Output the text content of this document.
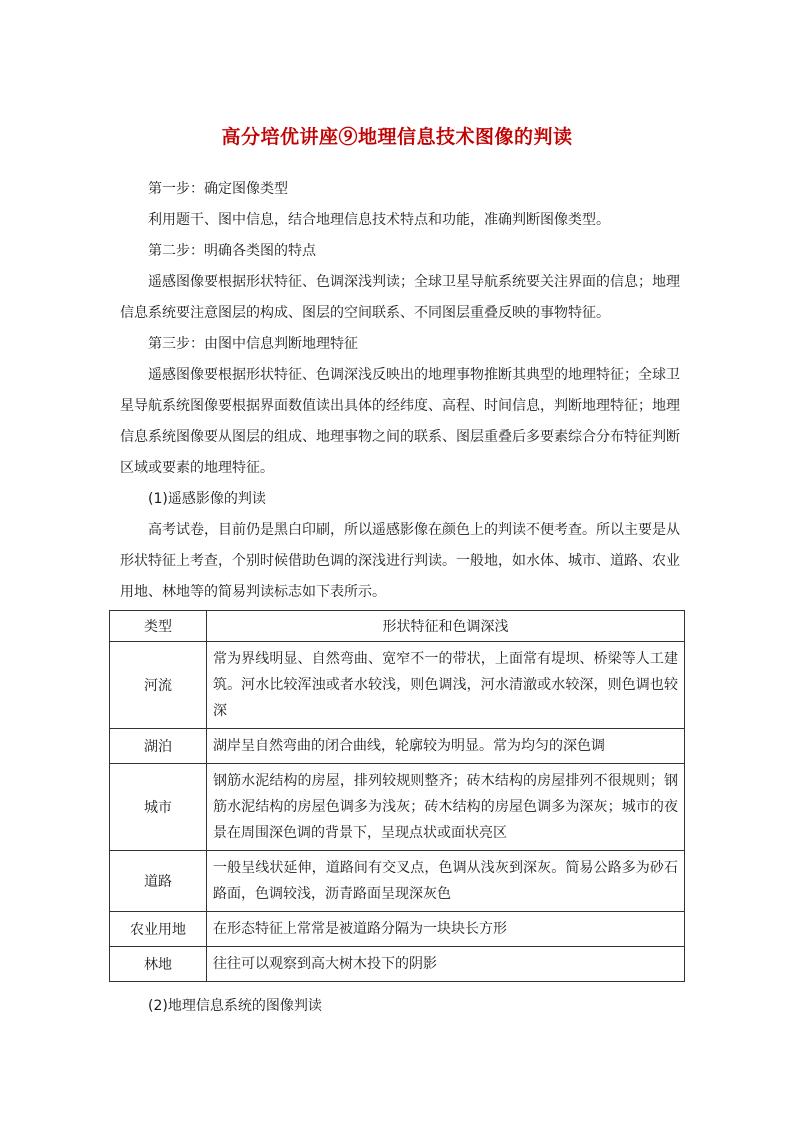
高分培优讲座⑨地理信息技术图像的判读

第一步：确定图像类型

利用题干、图中信息，结合地理信息技术特点和功能，准确判断图像类型。

第二步：明确各类图的特点

遥感图像要根据形状特征、色调深浅判读；全球卫星导航系统要关注界面的信息；地理信息系统要注意图层的构成、图层的空间联系、不同图层重叠反映的事物特征。

第三步：由图中信息判断地理特征

遥感图像要根据形状特征、色调深浅反映出的地理事物推断其典型的地理特征；全球卫星导航系统图像要根据界面数值读出具体的经纬度、高程、时间信息，判断地理特征；地理信息系统图像要从图层的组成、地理事物之间的联系、图层重叠后多要素综合分布特征判断区域或要素的地理特征。

(1)遥感影像的判读

高考试卷，目前仍是黑白印刷，所以遥感影像在颜色上的判读不便考查。所以主要是从形状特征上考查，个别时候借助色调的深浅进行判读。一般地，如水体、城市、道路、农业用地、林地等的简易判读标志如下表所示。

类型	形状特征和色调深浅
河流	常为界线明显、自然弯曲、宽窄不一的带状，上面常有堤坝、桥梁等人工建筑。河水比较浑浊或者水较浅，则色调浅，河水清澈或水较深，则色调也较深
湖泊	湖岸呈自然弯曲的闭合曲线，轮廓较为明显。常为均匀的深色调
城市	钢筋水泥结构的房屋，排列较规则整齐；砖木结构的房屋排列不很规则；钢筋水泥结构的房屋色调多为浅灰；砖木结构的房屋色调多为深灰；城市的夜景在周围深色调的背景下，呈现点状或面状亮区
道路	一般呈线状延伸，道路间有交叉点，色调从浅灰到深灰。简易公路多为砂石路面，色调较浅，沥青路面呈现深灰色
农业用地	在形态特征上常常是被道路分隔为一块块长方形
林地	往往可以观察到高大树木投下的阴影

(2)地理信息系统的图像判读
